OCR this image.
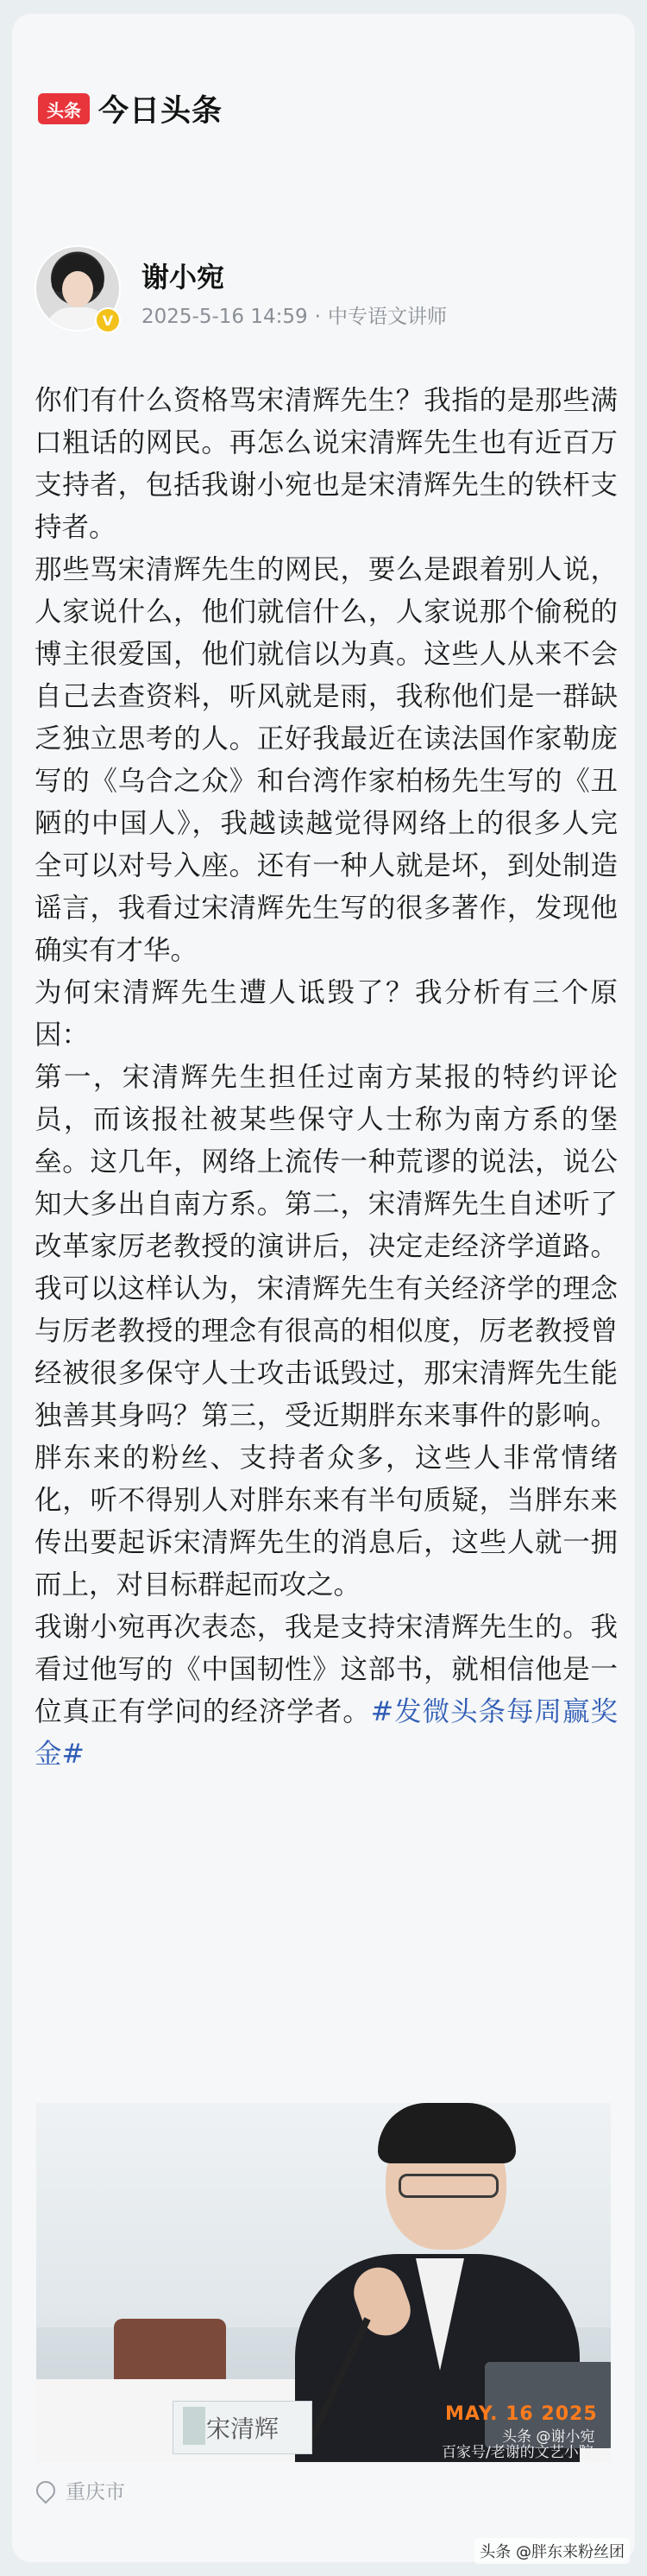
头条 今日头条
V
谢小宛
2025-5-16 14:59 · 中专语文讲师

你们有什么资格骂宋清辉先生？我指的是那些满口粗话的网民。再怎么说宋清辉先生也有近百万支持者，包括我谢小宛也是宋清辉先生的铁杆支持者。

那些骂宋清辉先生的网民，要么是跟着别人说，人家说什么，他们就信什么，人家说那个偷税的博主很爱国，他们就信以为真。这些人从来不会自己去查资料，听风就是雨，我称他们是一群缺乏独立思考的人。正好我最近在读法国作家勒庞写的《乌合之众》和台湾作家柏杨先生写的《丑陋的中国人》，我越读越觉得网络上的很多人完全可以对号入座。还有一种人就是坏，到处制造谣言，我看过宋清辉先生写的很多著作，发现他确实有才华。

为何宋清辉先生遭人诋毁了？我分析有三个原因：

第一，宋清辉先生担任过南方某报的特约评论员，而该报社被某些保守人士称为南方系的堡垒。这几年，网络上流传一种荒谬的说法，说公知大多出自南方系。第二，宋清辉先生自述听了改革家厉老教授的演讲后，决定走经济学道路。我可以这样认为，宋清辉先生有关经济学的理念与厉老教授的理念有很高的相似度，厉老教授曾经被很多保守人士攻击诋毁过，那宋清辉先生能独善其身吗？第三，受近期胖东来事件的影响。胖东来的粉丝、支持者众多，这些人非常情绪化，听不得别人对胖东来有半句质疑，当胖东来传出要起诉宋清辉先生的消息后，这些人就一拥而上，对目标群起而攻之。

我谢小宛再次表态，我是支持宋清辉先生的。我看过他写的《中国韧性》这部书，就相信他是一位真正有学问的经济学者。#发微头条每周赢奖金#

宋清辉
MAY. 16 2025
头条 @谢小宛
百家号/老谢的文艺小院
重庆市
头条 @胖东来粉丝团
